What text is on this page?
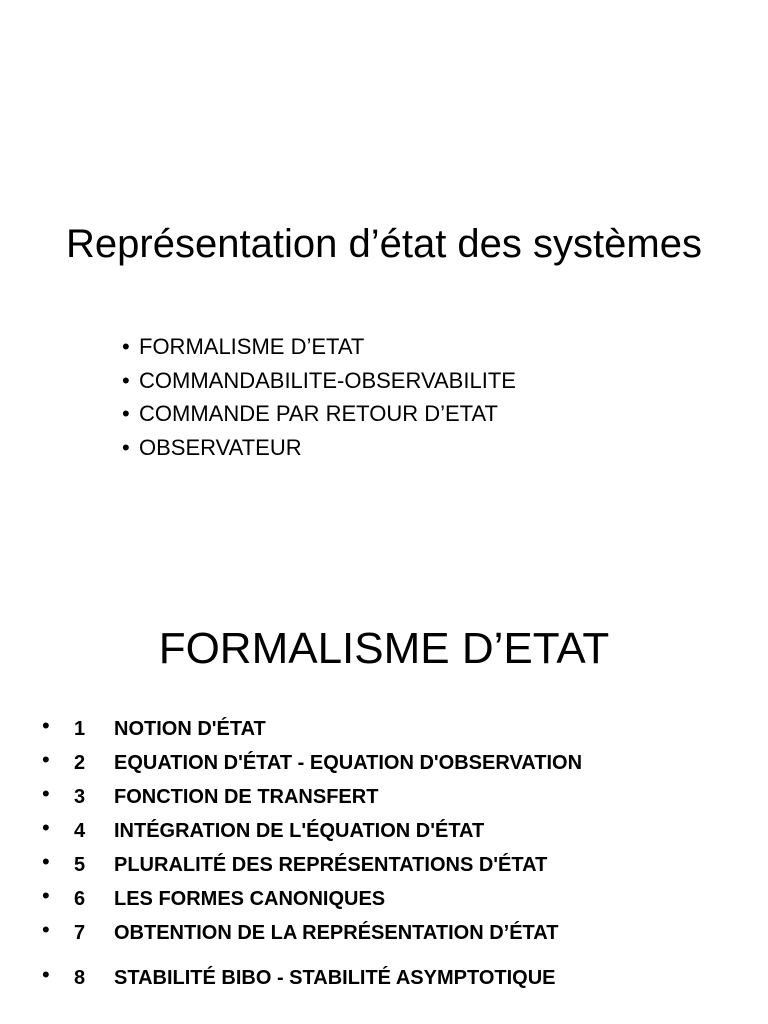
Représentation d’état des systèmes
• FORMALISME D’ETAT
• COMMANDABILITE-OBSERVABILITE
• COMMANDE PAR RETOUR D’ETAT
• OBSERVATEUR
FORMALISME D’ETAT
• 1 NOTION D'ÉTAT
• 2 EQUATION D'ÉTAT - EQUATION D'OBSERVATION
• 3 FONCTION DE TRANSFERT
• 4 INTÉGRATION DE L'ÉQUATION D'ÉTAT
• 5 PLURALITÉ DES REPRÉSENTATIONS D'ÉTAT
• 6 LES FORMES CANONIQUES
• 7 OBTENTION DE LA REPRÉSENTATION D’ÉTAT
• 8 STABILITÉ BIBO - STABILITÉ ASYMPTOTIQUE
